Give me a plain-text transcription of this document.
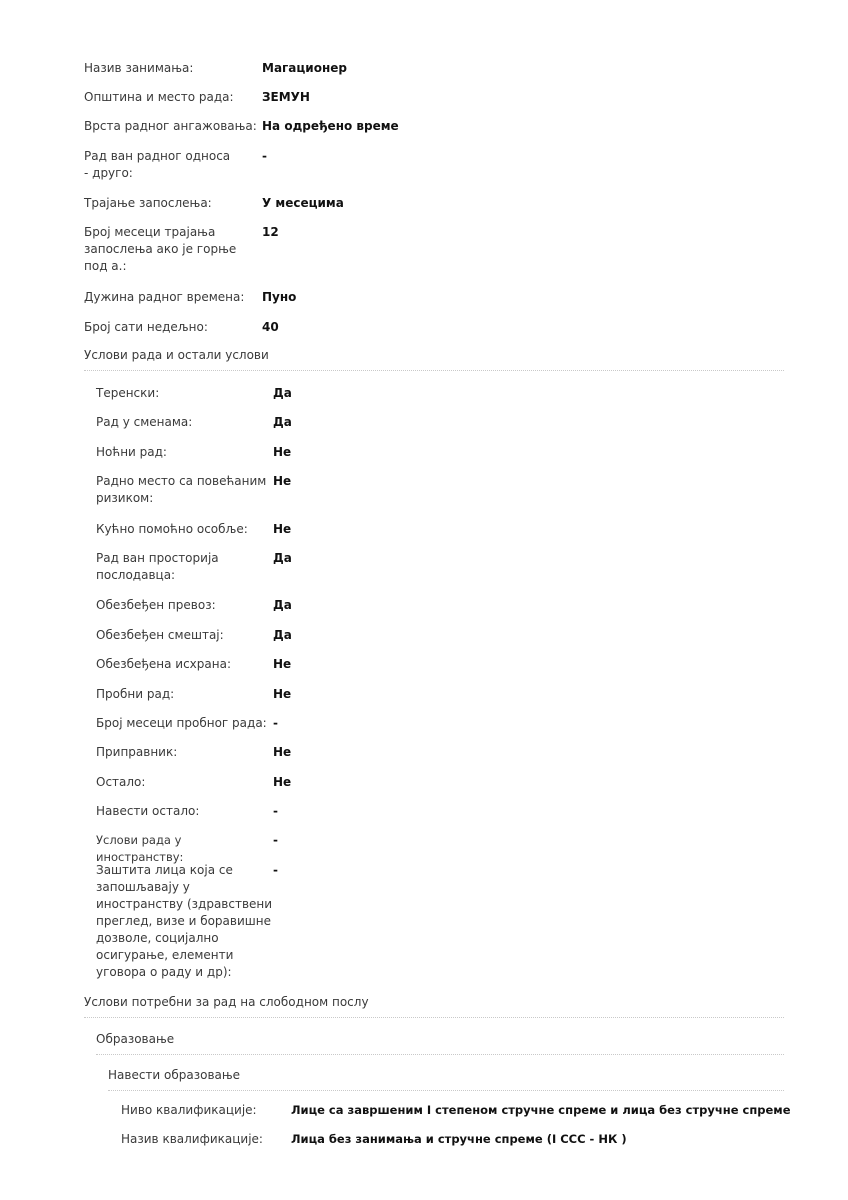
Назив занимања:	Магационер
Општина и место рада:	ЗЕМУН
Врста радног ангажовања: На одређено време
Рад ван радног односа - друго:
-
Трајање запослења:	У месецима
Број месеци трајања запослења ако је горње под а.:
12
Дужина радног времена:	Пуно
Број сати недељно:	40
Услови рада и остали услови
Теренски:	Да
Рад у сменама:	Да
Ноћни рад:	Не
Радно место са повећаним ризиком:
Не
Кућно помоћно особље:	Не
Рад ван просторија послодавца:
Да
Обезбеђен превоз:	Да
Обезбеђен смештај:	Да
Обезбеђена исхрана:	Не
Пробни рад:	Не
Број месеци пробног рада: -
Приправник:	Не
Остало:	Не
Навести остало:	-
Услови рада у иностранству:
-
Заштита лица која се запошљавају у иностранству (здравствени преглед, визе и боравишне дозволе, социјално осигурање, елементи уговора о раду и др):
-
Услови потребни за рад на слободном послу
Образовање
Навести образовање
Ниво квалификације:	Лице са завршеним I степеном стручне спреме и лица без стручне спреме
Назив квалификације:	Лица без занимања и стручне спреме (I ССС - НК )
